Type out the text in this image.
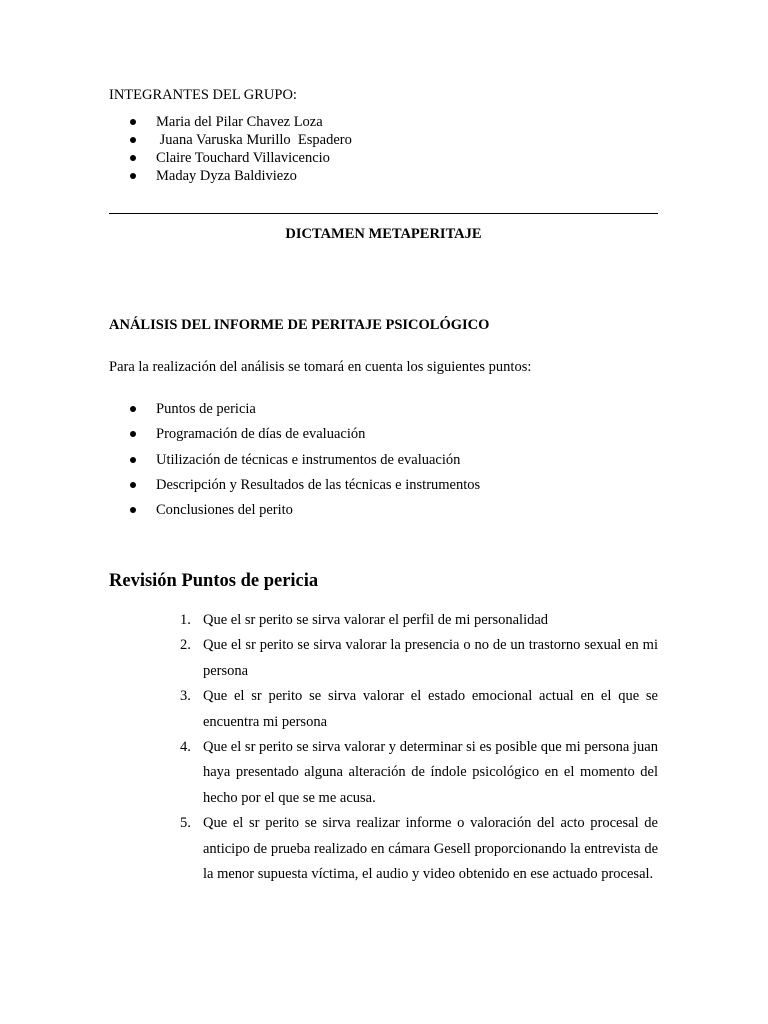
INTEGRANTES DEL GRUPO:
Maria del Pilar Chavez Loza
Juana Varuska Murillo  Espadero
Claire Touchard Villavicencio
Maday Dyza Baldiviezo
DICTAMEN METAPERITAJE
ANÁLISIS DEL INFORME DE PERITAJE PSICOLÓGICO
Para la realización del análisis se tomará en cuenta los siguientes puntos:
Puntos de pericia
Programación de días de evaluación
Utilización de técnicas e instrumentos de evaluación
Descripción y Resultados de las técnicas e instrumentos
Conclusiones del perito
Revisión Puntos de pericia
1. Que el sr perito se sirva valorar el perfil de mi personalidad
2. Que el sr perito se sirva valorar la presencia o no de un trastorno sexual en mi persona
3. Que el sr perito se sirva valorar el estado emocional actual en el que se encuentra mi persona
4. Que el sr perito se sirva valorar y determinar si es posible que mi persona juan haya presentado alguna alteración de índole psicológico en el momento del hecho por el que se me acusa.
5. Que el sr perito se sirva realizar informe o valoración del acto procesal de anticipo de prueba realizado en cámara Gesell proporcionando la entrevista de la menor supuesta víctima, el audio y video obtenido en ese actuado procesal.
